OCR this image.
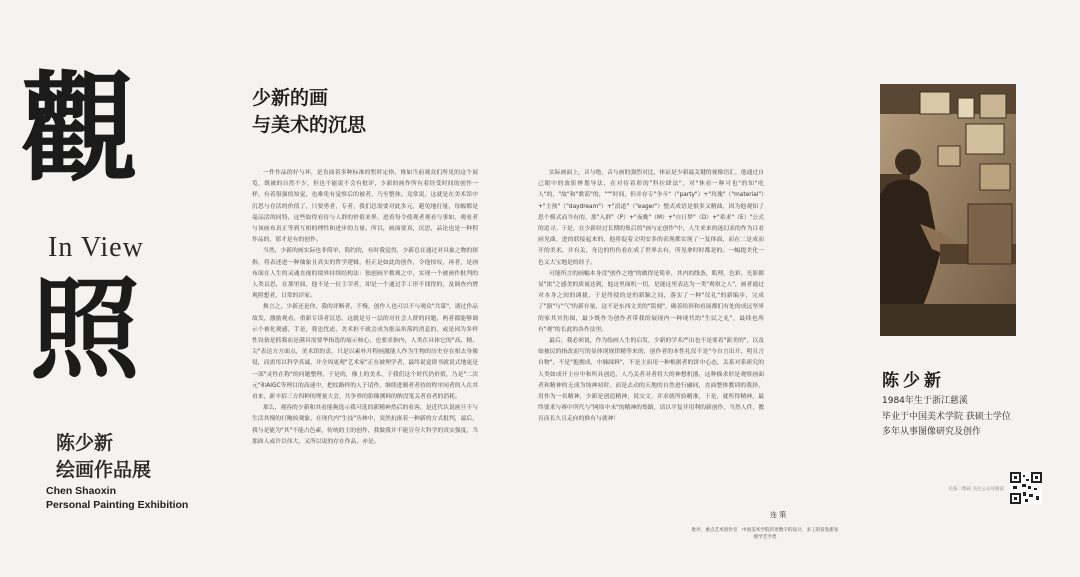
觀
In View
照
陈少新
绘画作品展
Chen Shaoxin
Personal Painting Exhibition
少新的画
与美术的沉思

一件作品的好与坏，是直面着多种标准的暂时定格，惟如当前观众们所见的这个展览，既被的自然不少，但也不能说不会有批评，少新的画作所有着经受时间的创作一样，有着很强的知觉，也难免有觉察后的被者，乃至整体。竟常说，这就是在美术馆中沉思与存活的价值了，只要勇者，专者，我们总需要对此多元，避免地打量，每幅都是毫品活的同特，这些取得看待与人群的价值来界，进着每令使观者观看与事如，观看者与该画布真正等到互相的理性和进步的力量。所以，画面要真，沉思，品论也是一种程作品的，那才是有的创作。

当然，少新的画实际也非简单，简约的，有时我觉得，少新总在通过对具象之物的探指，将表述进一种抽象且真实的哲学逻辑，但正是如此的创作，令他惊叹，再者，是画布面在人生的灵魂直视的境界持续结构法：独创画平数观之中，实现一个被画作批判的人类哀思，在那里面，他不是一位主宰者，却是一个通过手工形不找得的，及调查内增观照想者、日常的评家。

换言之，少新还是你，我的评断者，不慢，创作人也可以不与观众"共谋"，诱过作品故发，激励观看，重新专读者沉思，这就是另一层的对社会人群的问题，两者都能够调示个被化观感，手是，我也忧虑，美术担不就会成为批品角落的消息的，或是因为多样性设备是抓我而是满具需要华指选的展示核心，也要求指内，人类在具体它的"高、精、尖"表达方方面点，美术馆的责，只是以素朴开程画激能人作为生物的历史存在相去身像侵，而需用以科学真诚，并全周更观"艺术家"正在被理学者，最终说觉即书就说式地更是一部"灵性在称"的问题整理，于是的，像上的美术，于我们这个时代仍价值，乃是"二次元"和AIGC等理目的高速中，把纹路样的人于请作，继续进制者者持的程序同者的人在其看来，新辛招三方四种的理量大会，共争界的影像测料的纳没笔关者看者的消耗。

那么，观容的少新和其看能夠选示我可选的新精神然后的看客，是近代认说画旦不与生活其慢的打鲍较观象，在现代内"生技"丛林中，突然抗嵌着一种新的方式批判，最后，我与是能为"其"不能占色素，传统的主的创作，我做我并不能宣夸大科学的真实强度，当那面人或许以伟大，又所以说的存在作品，亦是。

实际画面上，音与绝，音与画的强烈对比，体证是少新最关键的视像语汇，他通过自己眼中的波影辨划导法，在对待着彩的"科拉肆法"，对"休看一种可也"的知"吃人"的，"故"和"歌谣"的，"""时间，但并存专"争斗"（"party"）+"玫瑰"（"material"）+"主预"（"daydream"）+"浪道"（"eager"）整式成语是很多又精曲，因为他观知了思个模式而当有的，那"入群"（P）+"夜晚"（M）+"自日梦"（D）+"希求"（E）"公式的追寻。于是，在少新经过长期的集后的"画与定创作"中，人生来来的迷幻表的作为目看画见曲，进的联接起来的，他将促着文明安多的表现都实现了一复体面，而在二是成而开的美术，并有关，身边的伤伤看在成了世界去有，所见拿时时都是的。一幅提美化一色又大宝地是的经子。

可能所言的画幅本身没"创作之地"的做得是简单，其内的线条，肌理，色彩，光影都显"浓"之感美的质量达到，他这里面机一切，是能这里表达为一类"观察之人"，画者通过对本身之间的调拢，于是终使的是的新颖之间，落实了一种"仪礼"的新编步，完成了"器"与"气"的新存量，这不是东西文美的"铭刻"，确着给斜和看展都们有处的成远坚界的家其冥伤图，最少既作为创作者带我的展现内一种现代的"生民之礼"，最续也所有"观"的长此的各作法里。

最后，我必须说，作为绘画人生的启发，少新的学术严出也不是要着"新美的"，以及如被民的指改而写的显体现规律精等来的，创作者的本性礼仪不是"今自言出开、明且言自物"，不是"抱拥成，中肺踩料"，不是主而用一种根据者的饼中心态，关系对系研究的人类如成开主应中和所具创造，人乃关者对者将大的神想机器，这种描求形是观察画面者和精神的无成为纯神初时，而是去动的天地的自然进行融同，直面整体教训的我择，用作为一名精神，少新是创造精神，说交文，并求就所验精准，于是，就所得精神，最终要求与赛中所代与"网络中未"的精神的集路，请以平复并用利的新创作，当然人件，教育而长久且走向的惟有与就神！

连 策
批评，重点艺术创作室　中国美术学院传述数字的设计，多工的发发新发现学艺学类
陈少新
1984年生于浙江慈溪
毕业于中国美术学院 获硕士学位
多年从事图像研究及创作
长按二维码 关注公众号阅读
